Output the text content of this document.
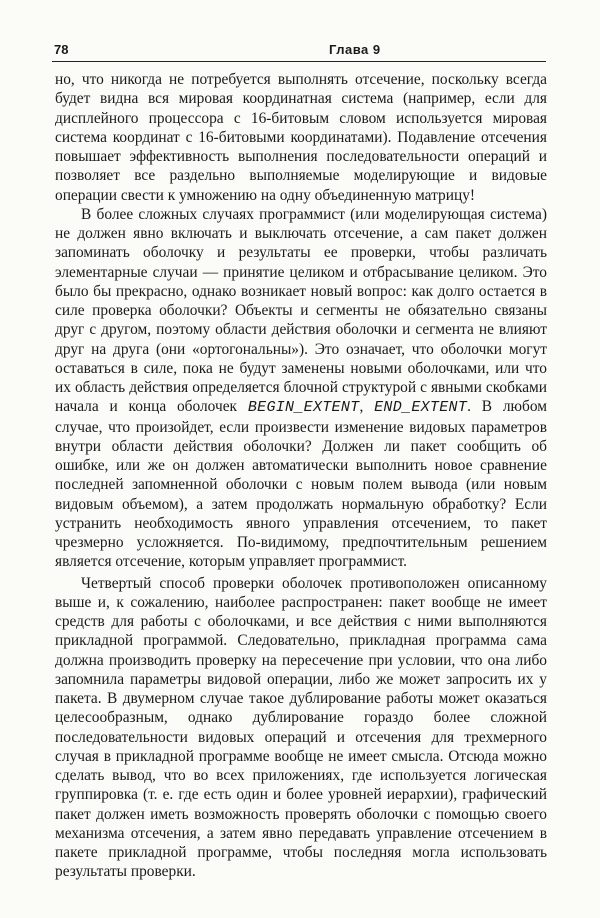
78	Глава 9

но, что никогда не потребуется выполнять отсечение, поскольку всегда будет видна вся мировая координатная система (например, если для дисплейного процессора с 16-битовым словом используется мировая система координат с 16-битовыми координатами). Подавление отсечения повышает эффективность выполнения последовательности операций и позволяет все раздельно выполняемые моделирующие и видовые операции свести к умножению на одну объединенную матрицу!

В более сложных случаях программист (или моделирующая система) не должен явно включать и выключать отсечение, а сам пакет должен запоминать оболочку и результаты ее проверки, чтобы различать элементарные случаи — принятие целиком и отбрасывание целиком. Это было бы прекрасно, однако возникает новый вопрос: как долго остается в силе проверка оболочки? Объекты и сегменты не обязательно связаны друг с другом, поэтому области действия оболочки и сегмента не влияют друг на друга (они «ортогональны»). Это означает, что оболочки могут оставаться в силе, пока не будут заменены новыми оболочками, или что их область действия определяется блочной структурой с явными скобками начала и конца оболочек BEGIN_EXTENT, END_EXTENT. В любом случае, что произойдет, если произвести изменение видовых параметров внутри области действия оболочки? Должен ли пакет сообщить об ошибке, или же он должен автоматически выполнить новое сравнение последней запомненной оболочки с новым полем вывода (или новым видовым объемом), а затем продолжать нормальную обработку? Если устранить необходимость явного управления отсечением, то пакет чрезмерно усложняется. По-видимому, предпочтительным решением является отсечение, которым управляет программист.

Четвертый способ проверки оболочек противоположен описанному выше и, к сожалению, наиболее распространен: пакет вообще не имеет средств для работы с оболочками, и все действия с ними выполняются прикладной программой. Следовательно, прикладная программа сама должна производить проверку на пересечение при условии, что она либо запомнила параметры видовой операции, либо же может запросить их у пакета. В двумерном случае такое дублирование работы может оказаться целесообразным, однако дублирование гораздо более сложной последовательности видовых операций и отсечения для трехмерного случая в прикладной программе вообще не имеет смысла. Отсюда можно сделать вывод, что во всех приложениях, где используется логическая группировка (т. е. где есть один и более уровней иерархии), графический пакет должен иметь возможность проверять оболочки с помощью своего механизма отсечения, а затем явно передавать управление отсечением в пакете прикладной программе, чтобы последняя могла использовать результаты проверки.
